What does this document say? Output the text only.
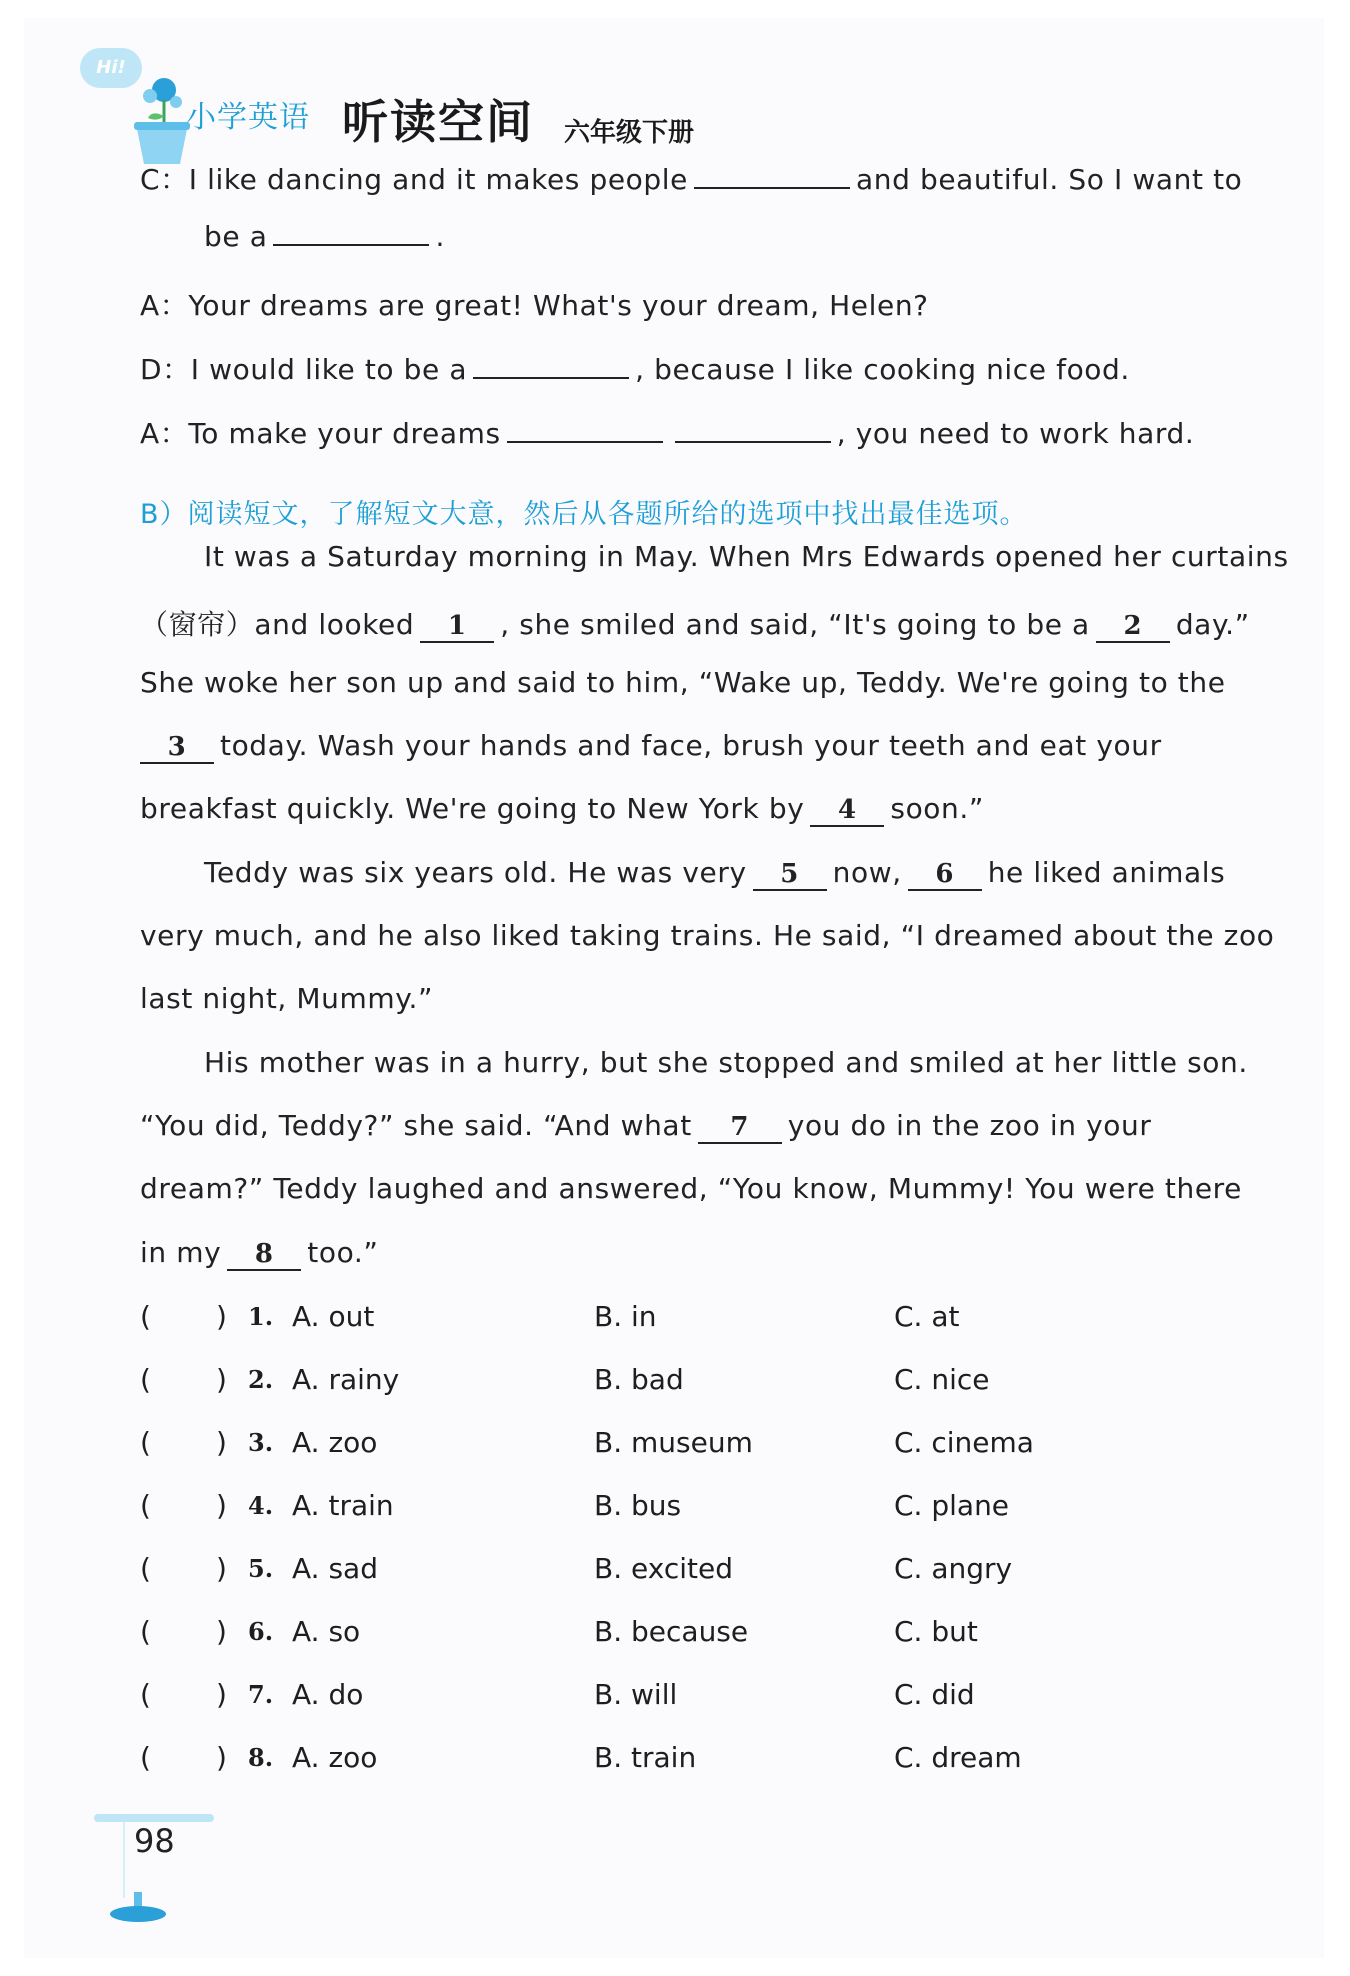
Hi!
小学英语 听读空间 六年级下册
C：I like dancing and it makes people	and beautiful. So I want to
be a	.
A：Your dreams are great! What's your dream, Helen?
D：I would like to be a	, because I like cooking nice food.
A：To make your dreams	, you need to work hard.
B）阅读短文，了解短文大意，然后从各题所给的选项中找出最佳选项。
It was a Saturday morning in May. When Mrs Edwards opened her curtains
（窗帘）and looked 1 , she smiled and said, “It's going to be a 2 day.”
She woke her son up and said to him, “Wake up, Teddy. We're going to the
3 today. Wash your hands and face, brush your teeth and eat your
breakfast quickly. We're going to New York by 4 soon.”
Teddy was six years old. He was very 5 now, 6 he liked animals
very much, and he also liked taking trains. He said, “I dreamed about the zoo
last night, Mummy.”
His mother was in a hurry, but she stopped and smiled at her little son.
“You did, Teddy?” she said. “And what 7 you do in the zoo in your
dream?” Teddy laughed and answered, “You know, Mummy! You were there
in my 8 too.”
( ) 1. A. out	B. in	C. at
( ) 2. A. rainy	B. bad	C. nice
( ) 3. A. zoo	B. museum	C. cinema
( ) 4. A. train	B. bus	C. plane
( ) 5. A. sad	B. excited	C. angry
( ) 6. A. so	B. because	C. but
( ) 7. A. do	B. will	C. did
( ) 8. A. zoo	B. train	C. dream
98
